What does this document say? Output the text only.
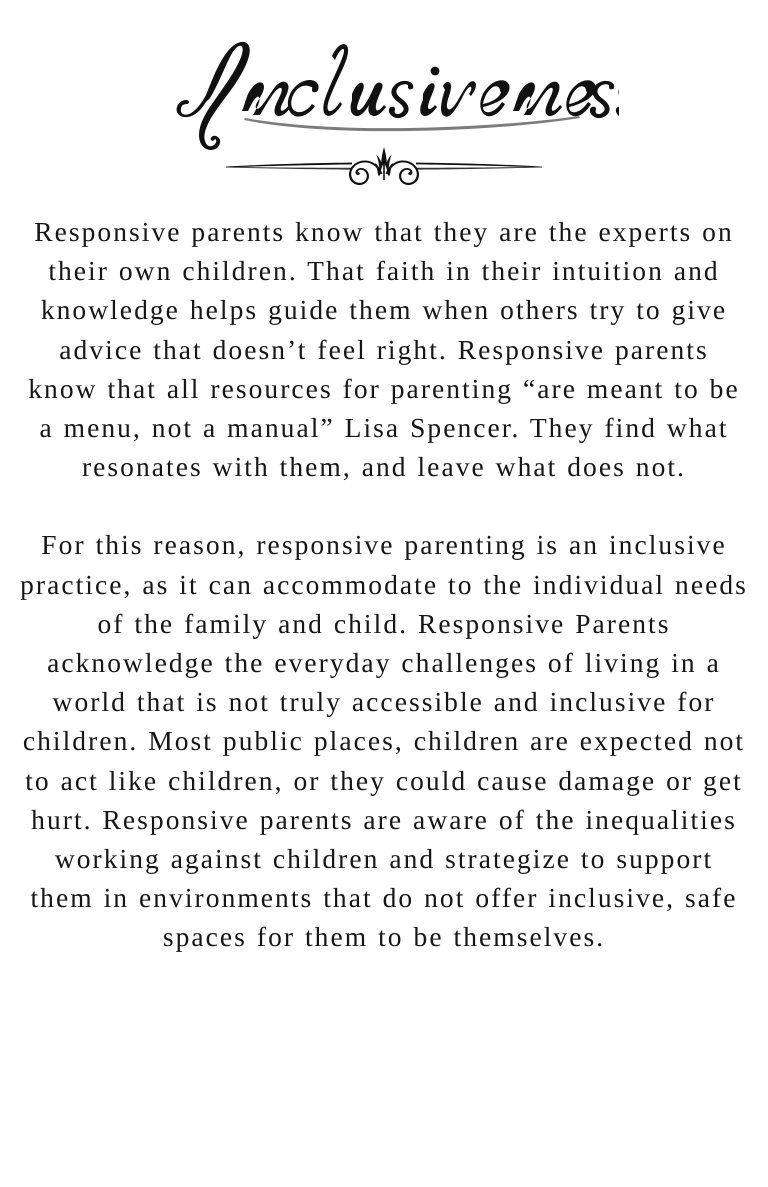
Responsive parents know that they are the experts on their own children. That faith in their intuition and knowledge helps guide them when others try to give advice that doesn’t feel right. Responsive parents know that all resources for parenting “are meant to be a menu, not a manual” Lisa Spencer. They find what resonates with them, and leave what does not.

For this reason, responsive parenting is an inclusive practice, as it can accommodate to the individual needs of the family and child. Responsive Parents acknowledge the everyday challenges of living in a world that is not truly accessible and inclusive for children. Most public places, children are expected not to act like children, or they could cause damage or get hurt. Responsive parents are aware of the inequalities working against children and strategize to support them in environments that do not offer inclusive, safe spaces for them to be themselves.
